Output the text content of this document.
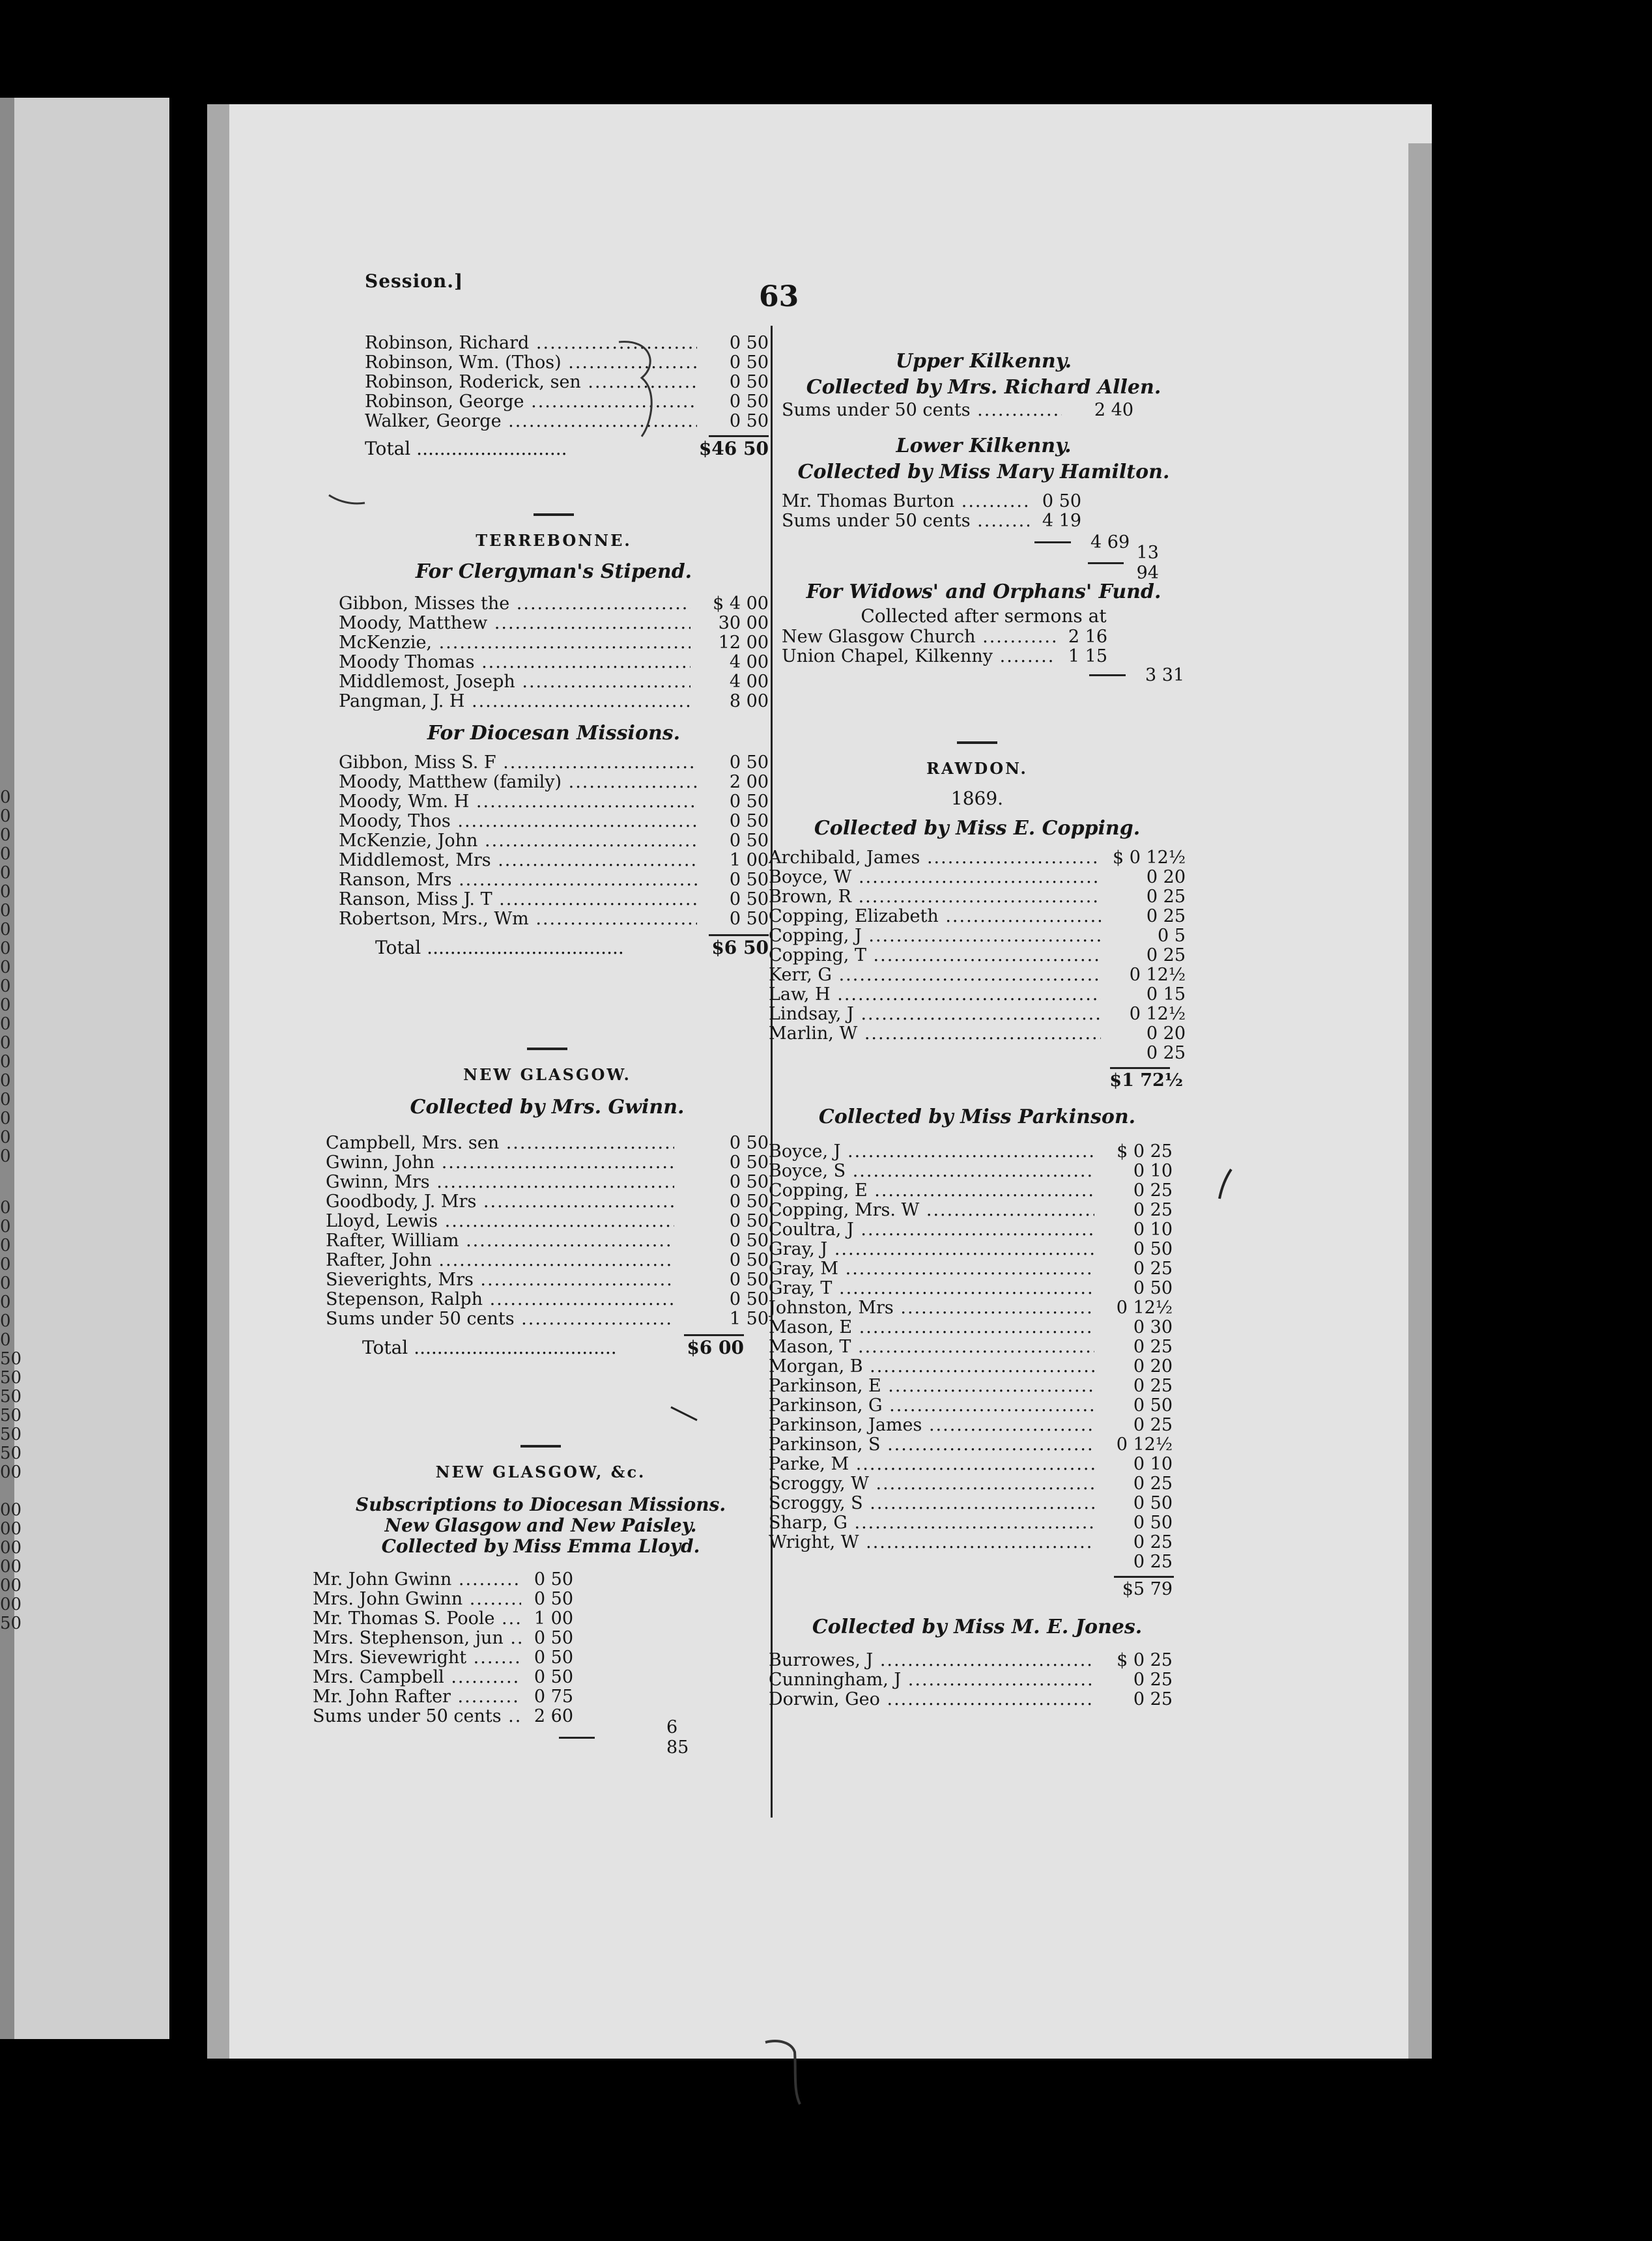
0
0
0
0
0
0
0
0
0
0
0
0
0
0
0
0
0
0
0
0
0
0
0
0
0
0
0
0
50
50
50
50
50
50
00
00
00
00
00
00
00
50
Session.]	63
Robinson, Richard .....	0 50
Robinson, Wm. (Thos) .....	0 50
Robinson, Roderick, sen .....	0 50
Robinson, George .....	0 50
Walker, George .....	0 50
Total ..........................	$46 50
TERREBONNE.
For Clergyman's Stipend.
Gibbon, Misses the .....	$ 4 00
Moody, Matthew .....	30 00
McKenzie, .....	12 00
Moody Thomas .....	4 00
Middlemost, Joseph .....	4 00
Pangman, J. H .....	8 00
For Diocesan Missions.
Gibbon, Miss S. F .....	0 50
Moody, Matthew (family) .....	2 00
Moody, Wm. H .....	0 50
Moody, Thos .....	0 50
McKenzie, John .....	0 50
Middlemost, Mrs .....	1 00
Ranson, Mrs .....	0 50
Ranson, Miss J. T .....	0 50
Robertson, Mrs., Wm .....	0 50
Total ..................................	$6 50
NEW GLASGOW.
Collected by Mrs. Gwinn.
Campbell, Mrs. sen .....	0 50
Gwinn, John .....	0 50
Gwinn, Mrs .....	0 50
Goodbody, J. Mrs .....	0 50
Lloyd, Lewis .....	0 50
Rafter, William .....	0 50
Rafter, John .....	0 50
Sieverights, Mrs .....	0 50
Stepenson, Ralph .....	0 50
Sums under 50 cents .....	1 50
Total ...................................	$6 00
NEW GLASGOW, &c.
Subscriptions to Diocesan Missions.
New Glasgow and New Paisley.
Collected by Miss Emma Lloyd.
Mr. John Gwinn .....	0 50
Mrs. John Gwinn .....	0 50
Mr. Thomas S. Poole .....	1 00
Mrs. Stephenson, jun .....	0 50
Mrs. Sievewright .....	0 50
Mrs. Campbell .....	0 50
Mr. John Rafter .....	0 75
Sums under 50 cents .....	2 60
6 85
Upper Kilkenny.
Collected by Mrs. Richard Allen.
Sums under 50 cents .....	2 40
Lower Kilkenny.
Collected by Miss Mary Hamilton.
Mr. Thomas Burton .....	0 50
Sums under 50 cents .....	4 19
4 69
13 94
For Widows' and Orphans' Fund.
Collected after sermons at
New Glasgow Church .....	2 16
Union Chapel, Kilkenny .....	1 15
3 31
RAWDON.
1869.
Collected by Miss E. Copping.
Archibald, James .....	$ 0 12½
Boyce, W .....	0 20
Brown, R .....	0 25
Copping, Elizabeth .....	0 25
Copping, J .....	0 5
Copping, T .....	0 25
Kerr, G .....	0 12½
Law, H .....	0 15
Lindsay, J .....	0 12½
Marlin, W .....	0 20
0 25
$1 72½
Collected by Miss Parkinson.
Boyce, J .....	$ 0 25
Boyce, S .....	0 10
Copping, E .....	0 25
Copping, Mrs. W .....	0 25
Coultra, J .....	0 10
Gray, J .....	0 50
Gray, M .....	0 25
Gray, T .....	0 50
Johnston, Mrs .....	0 12½
Mason, E .....	0 30
Mason, T .....	0 25
Morgan, B .....	0 20
Parkinson, E .....	0 25
Parkinson, G .....	0 50
Parkinson, James .....	0 25
Parkinson, S .....	0 12½
Parke, M .....	0 10
Scroggy, W .....	0 25
Scroggy, S .....	0 50
Sharp, G .....	0 50
Wright, W .....	0 25
0 25
$5 79
Collected by Miss M. E. Jones.
Burrowes, J .....	$ 0 25
Cunningham, J .....	0 25
Dorwin, Geo .....	0 25
